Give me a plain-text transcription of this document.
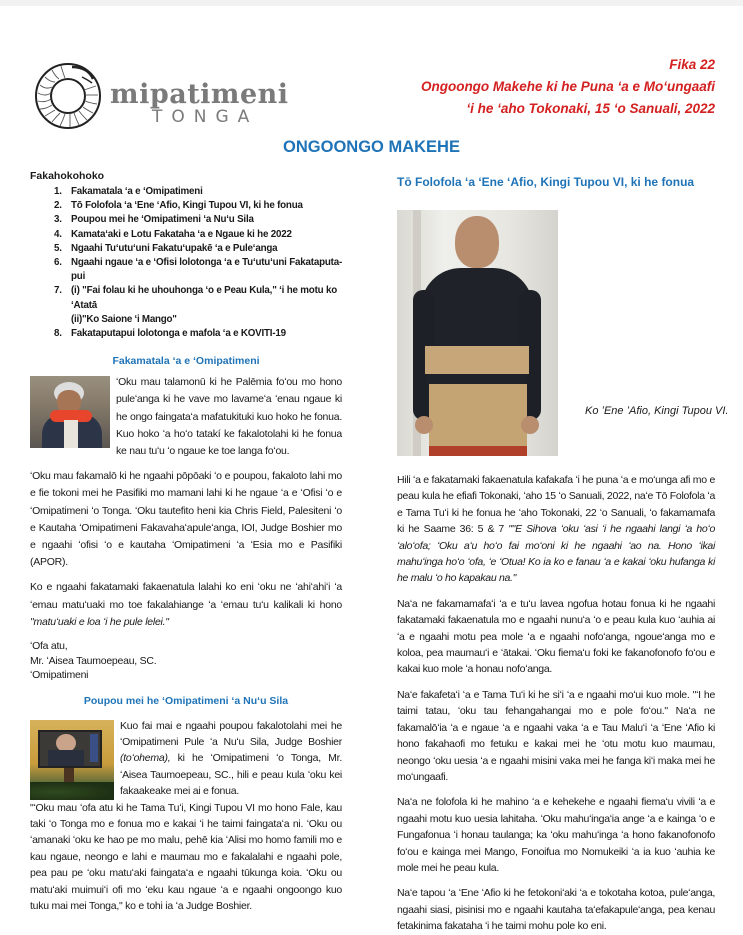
mipatimeni
TONGA
Fika 22
Ongoongo Makehe ki he Puna ʻa e Moʻungaafi
ʻi he ʻaho Tokonaki, 15 ʻo Sanuali, 2022
ONGOONGO MAKEHE
Fakahokohoko
1. Fakamatala ʻa e ʻOmipatimeni
2. Tō Folofola ʻa ʻEne ʻAfio, Kingi Tupou VI, ki he fonua
3. Poupou mei he ʻOmipatimeni ʻa Nuʻu Sila
4. Kamataʻaki e Lotu Fakataha ʻa e Ngaue ki he 2022
5. Ngaahi Tuʻutuʻuni Fakatuʻupakē ʻa e Puleʻanga
6. Ngaahi ngaue ʻa e ʻOfisi lolotonga ʻa e Tuʻutuʻuni Fakataputa-pui
7. (i) "Fai folau ki he uhouhonga ʻo e Peau Kula," ʻi he motu ko ʻAtatā
(ii)"Ko Saione ʻi Mango"
8. Fakataputapui lolotonga e mafola ʻa e KOVITI-19
Fakamatala ʻa e ʻOmipatimeni

ʻOku mau talamonū ki he Palēmia foʻou mo hono puleʻanga ki he vave mo lavameʻa ʻenau ngaue ki he ongo faingataʻa mafatukituki kuo hoko he fonua. Kuo hoko ʻa hoʻo tatakí ke fakalotolahi ki he fonua ke nau tuʻu ʻo ngaue ke toe langa foʻou.

ʻOku mau fakamalō ki he ngaahi pōpōaki ʻo e poupou, fakaloto lahi mo e fie tokoni mei he Pasifiki mo mamani lahi ki he ngaue ʻa e ʻOfisi ʻo e ʻOmipatimeni ʻo Tonga. ʻOku tautefito heni kia Chris Field, Palesiteni ʻo e Kautaha ʻOmipatimeni Fakavahaʻapuleʻanga, IOI, Judge Boshier mo e ngaahi ʻofisi ʻo e kautaha ʻOmipatimeni ʻa ʻEsia mo e Pasifiki (APOR).

Ko e ngaahi fakatamaki fakaenatula lalahi ko eni ʻoku ne ʻahiʻahiʻi ʻa ʻemau matuʻuaki mo toe fakalahiange ʻa ʻemau tuʻu kalikali ki hono "matuʻuaki e loa ʻi he pule lelei."

ʻOfa atu,
Mr. ʻAisea Taumoepeau, SC.
ʻOmipatimeni
Poupou mei he ʻOmipatimeni ʻa Nuʻu Sila

Kuo fai mai e ngaahi poupou fakalotolahi mei he ʻOmipatimeni Pule ʻa Nuʻu Sila, Judge Boshier (toʻohema), ki he ʻOmipatimeni ʻo Tonga, Mr. ʻAisea Taumoepeau, SC., hili e peau kula ʻoku kei fakaakeake mei ai e fonua.
"ʻOku mau ʻofa atu ki he Tama Tuʻi, Kingi Tupou VI mo hono Fale, kau taki ʻo Tonga mo e fonua mo e kakai ʻi he taimi faingataʻa ni. ʻOku ou ʻamanaki ʻoku ke hao pe mo malu, pehē kia ʻAlisi mo homo famili mo e kau ngaue, neongo e lahi e maumau mo e fakalalahi e ngaahi pole, pea pau pe ʻoku matuʻaki faingataʻa e ngaahi tūkunga koia. ʻOku ou matuʻaki muimuiʻi ofi mo ʻeku kau ngaue ʻa e ngaahi ongoongo kuo tuku mai mei Tonga," ko e tohi ia ʻa Judge Boshier.

Tō Folofola ʻa ʻEne ʻAfio, Kingi Tupou VI, ki he fonua
Ko ʻEne ʻAfio, Kingi Tupou VI.

Hili ʻa e fakatamaki fakaenatula kafakafa ʻi he puna ʻa e moʻunga afi mo e peau kula he efiafi Tokonaki, ʻaho 15 ʻo Sanuali, 2022, naʻe Tō Folofola ʻa e Tama Tuʻi ki he fonua he ʻaho Tokonaki, 22 ʻo Sanuali, ʻo fakamamafa ki he Saame 36: 5 & 7 ""E Sihova ʻoku ʻasi ʻi he ngaahi langi ʻa hoʻo ʻaloʻofa; ʻOku aʻu hoʻo fai moʻoni ki he ngaahi ʻao na. Hono ʻikai mahuʻinga hoʻo ʻofa, ʻe ʻOtua! Ko ia ko e fanau ʻa e kakai ʻoku hufanga ki he malu ʻo ho kapakau na."

Naʻa ne fakamamafaʻi ʻa e tuʻu lavea ngofua hotau fonua ki he ngaahi fakatamaki fakaenatula mo e ngaahi nunuʻa ʻo e peau kula kuo ʻauhia ai ʻa e ngaahi motu pea mole ʻa e ngaahi nofoʻanga, ngoueʻanga mo e koloa, pea maumauʻi e ʻātakai. ʻOku fiemaʻu foki ke fakanofonofo foʻou e kakai kuo mole ʻa honau nofoʻanga.

Naʻe fakafetaʻi ʻa e Tama Tuʻi ki he siʻi ʻa e ngaahi moʻui kuo mole. "ʻI he taimi tatau, ʻoku tau fehangahangai mo e pole foʻou." Naʻa ne fakamalōʻia ʻa e ngaue ʻa e ngaahi vaka ʻa e Tau Maluʻi ʻa ʻEne ʻAfio ki hono fakahaofi mo fetuku e kakai mei he ʻotu motu kuo maumau, neongo ʻoku uesia ʻa e ngaahi misini vaka mei he fanga kiʻi maka mei he moʻungaafi.

Naʻa ne folofola ki he mahino ʻa e kehekehe e ngaahi fiemaʻu vivili ʻa e ngaahi motu kuo uesia lahitaha. ʻOku mahuʻingaʻia ange ʻa e kainga ʻo e Fungafonua ʻi honau taulanga; ka ʻoku mahuʻinga ʻa hono fakanofonofo foʻou e kainga mei Mango, Fonoifua mo Nomukeiki ʻa ia kuo ʻauhia ke mole mei he peau kula.

Naʻe tapou ʻa ʻEne ʻAfio ki he fetokoniʻaki ʻa e tokotaha kotoa, puleʻanga, ngaahi siasi, pisinisi mo e ngaahi kautaha taʻefakapuleʻanga, pea kenau fetakinima fakataha ʻi he taimi mohu pole ko eni.
